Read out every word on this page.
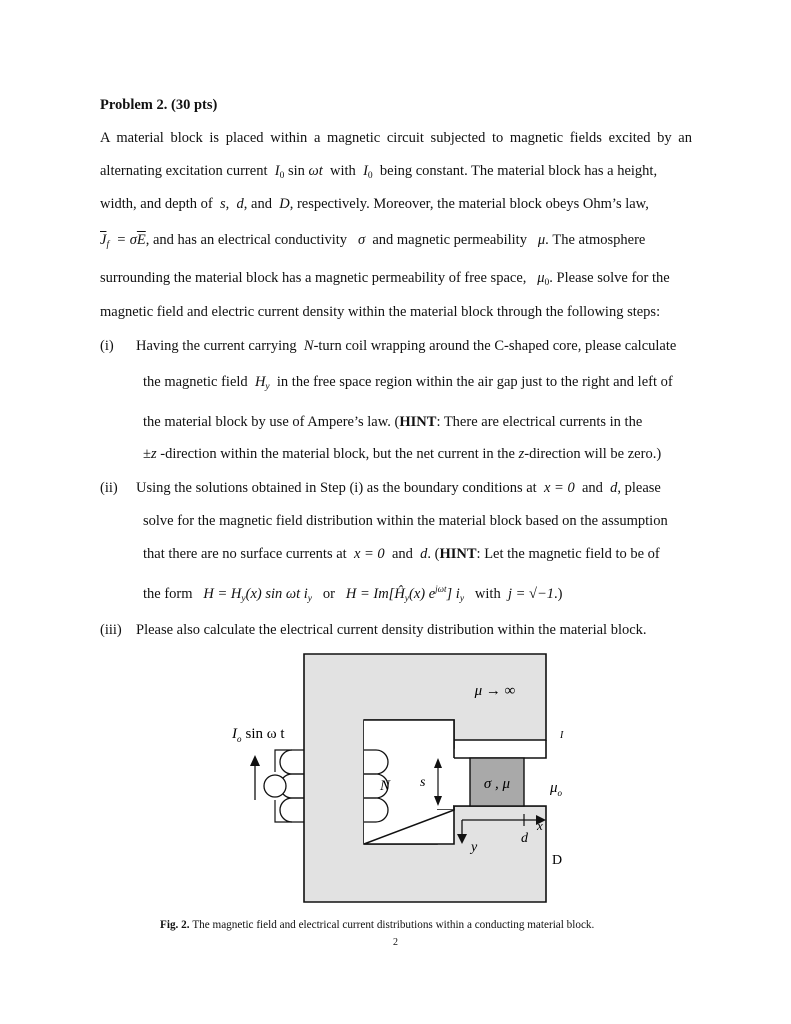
Problem 2. (30 pts)
A material block is placed within a magnetic circuit subjected to magnetic fields excited by an
alternating excitation current $I_0$ sin ωt with $I_0$ being constant. The material block has a height,
width, and depth of s, d, and D, respectively. Moreover, the material block obeys Ohm’s law,
$\overline{J}_f = \sigma\overline{E}$, and has an electrical conductivity σ and magnetic permeability μ. The atmosphere
surrounding the material block has a magnetic permeability of free space, $\mu_0$. Please solve for the
magnetic field and electric current density within the material block through the following steps:
(i) Having the current carrying N-turn coil wrapping around the C-shaped core, please calculate
the magnetic field $H_y$ in the free space region within the air gap just to the right and left of
the material block by use of Ampere’s law. (HINT: There are electrical currents in the
±z -direction within the material block, but the net current in the z-direction will be zero.)
(ii) Using the solutions obtained in Step (i) as the boundary conditions at x = 0 and d, please
solve for the magnetic field distribution within the material block based on the assumption
that there are no surface currents at x = 0 and d. (HINT: Let the magnetic field to be of
the form $H = H_y(x)$ sin ωt $i_y$ or $H = Im[Ĥ_y(x)$ $e^{j\omega t}$] $i_y$ with j = √−1.)
(iii) Please also calculate the electrical current density distribution within the material block.
σ , μ
μ → ∞
$I_o$ sin ω t
N s	$\mu_o$
I
x
y
d
D
Fig. 2. The magnetic field and electrical current distributions within a conducting material block.
2
